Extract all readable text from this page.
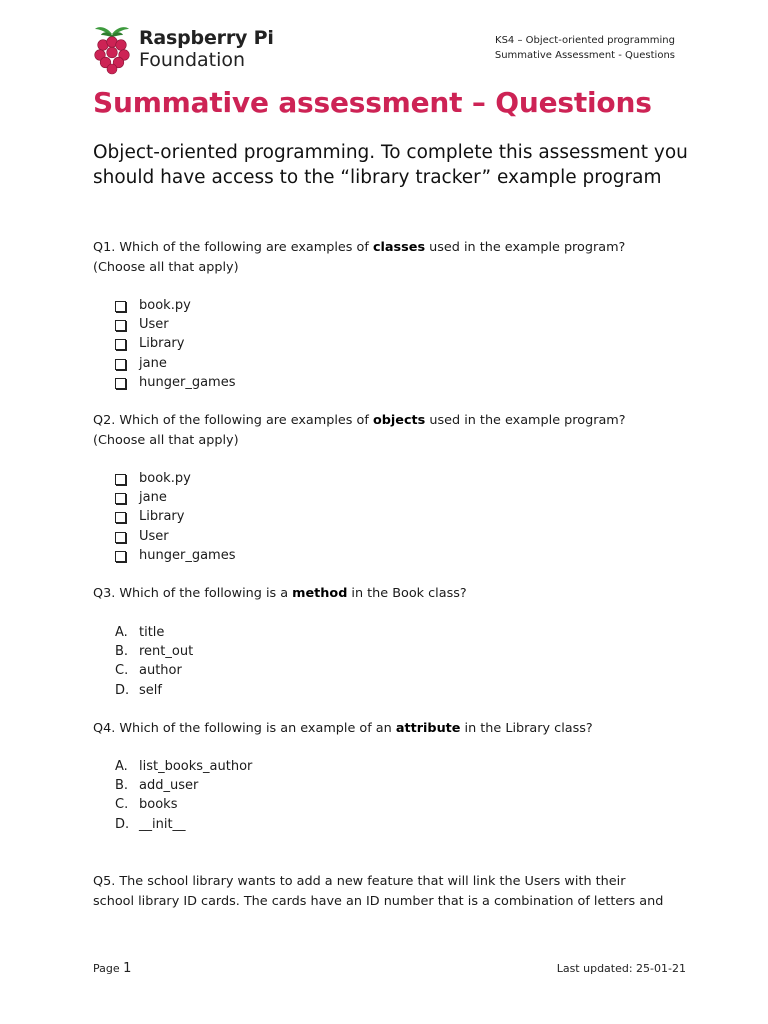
Raspberry Pi
Foundation
KS4 – Object-oriented programming
Summative Assessment - Questions
Summative assessment – Questions

Object-oriented programming. To complete this assessment you should have access to the “library tracker” example program

Q1. Which of the following are examples of classes used in the example program?
(Choose all that apply)

book.py
User
Library
jane
hunger_games

Q2. Which of the following are examples of objects used in the example program?
(Choose all that apply)

book.py
jane
Library
User
hunger_games

Q3. Which of the following is a method in the Book class?

A. title
B. rent_out
C. author
D. self

Q4. Which of the following is an example of an attribute in the Library class?

A. list_books_author
B. add_user
C. books
D. __init__

Q5. The school library wants to add a new feature that will link the Users with their
school library ID cards. The cards have an ID number that is a combination of letters and

Page 1	Last updated: 25-01-21
